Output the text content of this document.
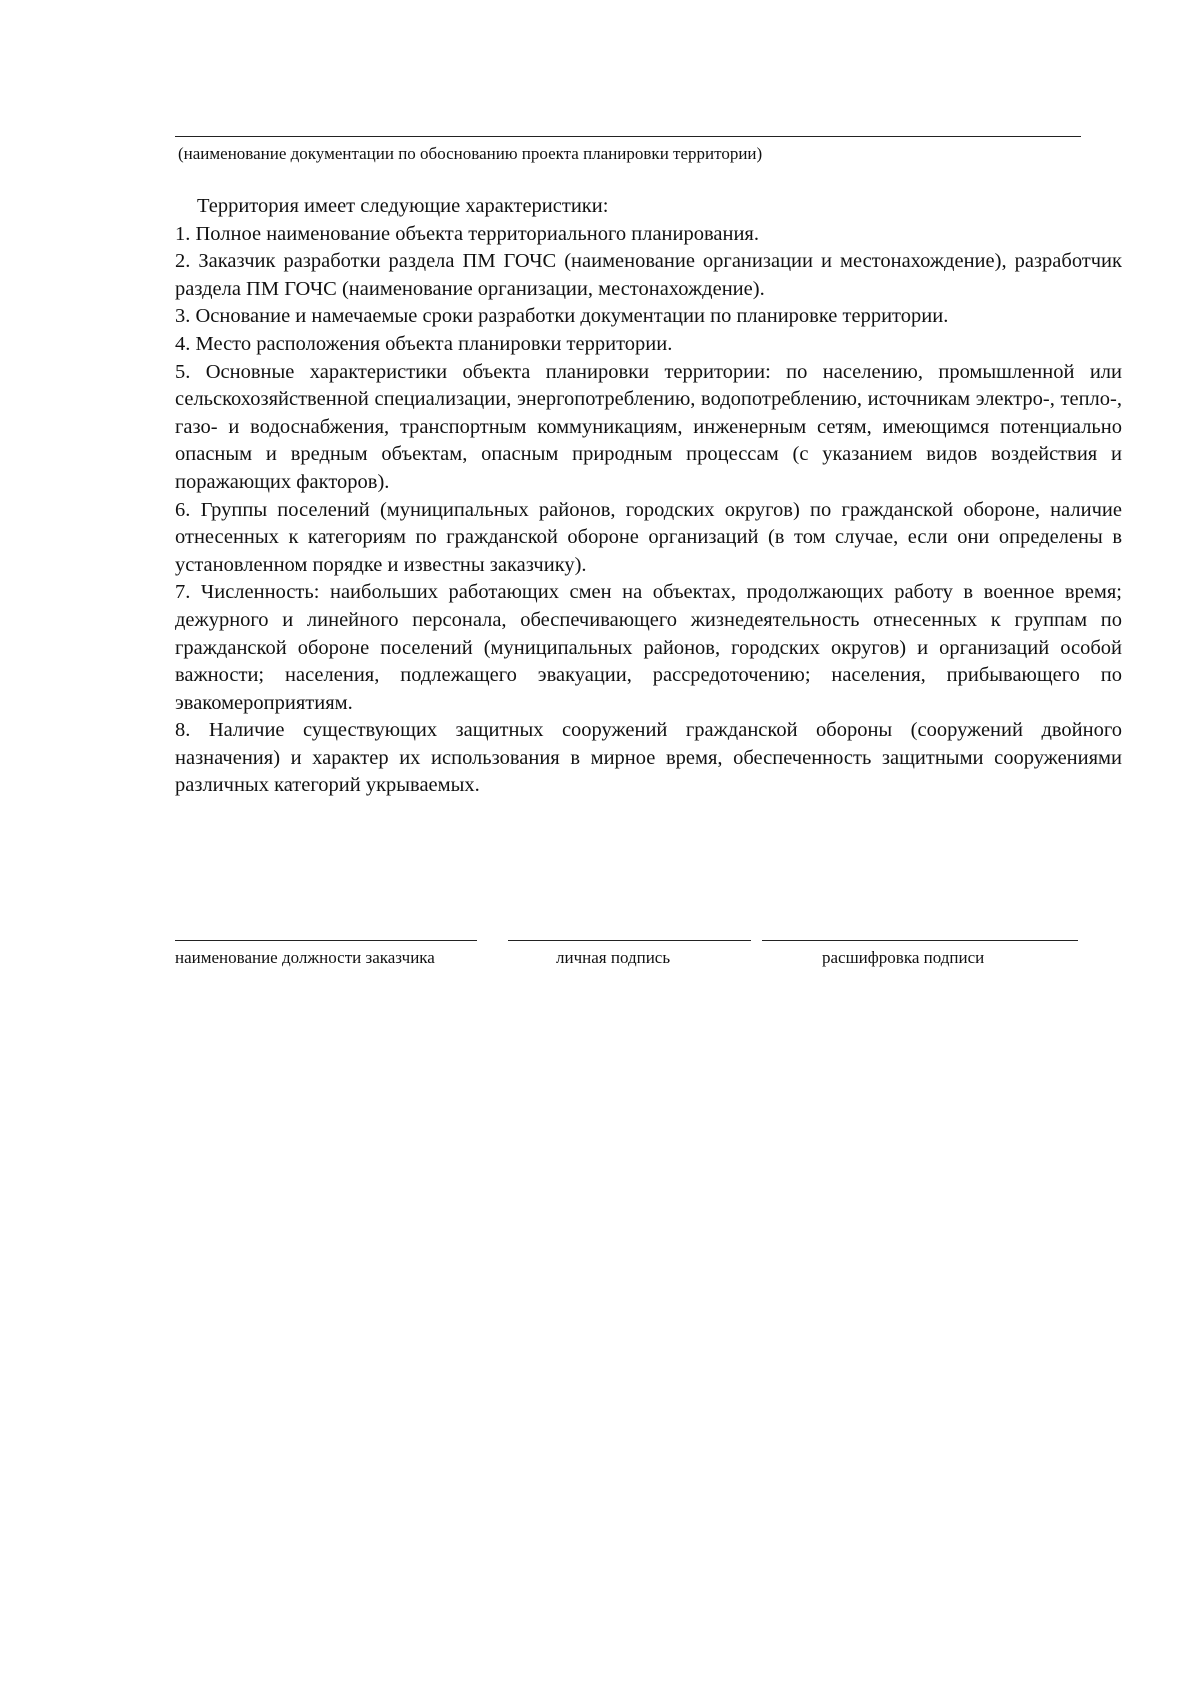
(наименование документации по обоснованию проекта планировки территории)
Территория имеет следующие характеристики:
1. Полное наименование объекта территориального планирования.
2. Заказчик разработки раздела ПМ ГОЧС (наименование организации и местонахождение), разработчик раздела ПМ ГОЧС (наименование организации, местонахождение).
3. Основание и намечаемые сроки разработки документации по планировке территории.
4. Место расположения объекта планировки территории.
5. Основные характеристики объекта планировки территории: по населению, промышленной или сельскохозяйственной специализации, энергопотреблению, водопотреблению, источникам электро-, тепло-, газо- и водоснабжения, транспортным коммуникациям, инженерным сетям, имеющимся потенциально опасным и вредным объектам, опасным природным процессам (с указанием видов воздействия и поражающих факторов).
6. Группы поселений (муниципальных районов, городских округов) по гражданской обороне, наличие отнесенных к категориям по гражданской обороне организаций (в том случае, если они определены в установленном порядке и известны заказчику).
7. Численность: наибольших работающих смен на объектах, продолжающих работу в военное время; дежурного и линейного персонала, обеспечивающего жизнедеятельность отнесенных к группам по гражданской обороне поселений (муниципальных районов, городских округов) и организаций особой важности; населения, подлежащего эвакуации, рассредоточению; населения, прибывающего по эвакомероприятиям.
8. Наличие существующих защитных сооружений гражданской обороны (сооружений двойного назначения) и характер их использования в мирное время, обеспеченность защитными сооружениями различных категорий укрываемых.
наименование должности заказчика	личная подпись	расшифровка подписи
